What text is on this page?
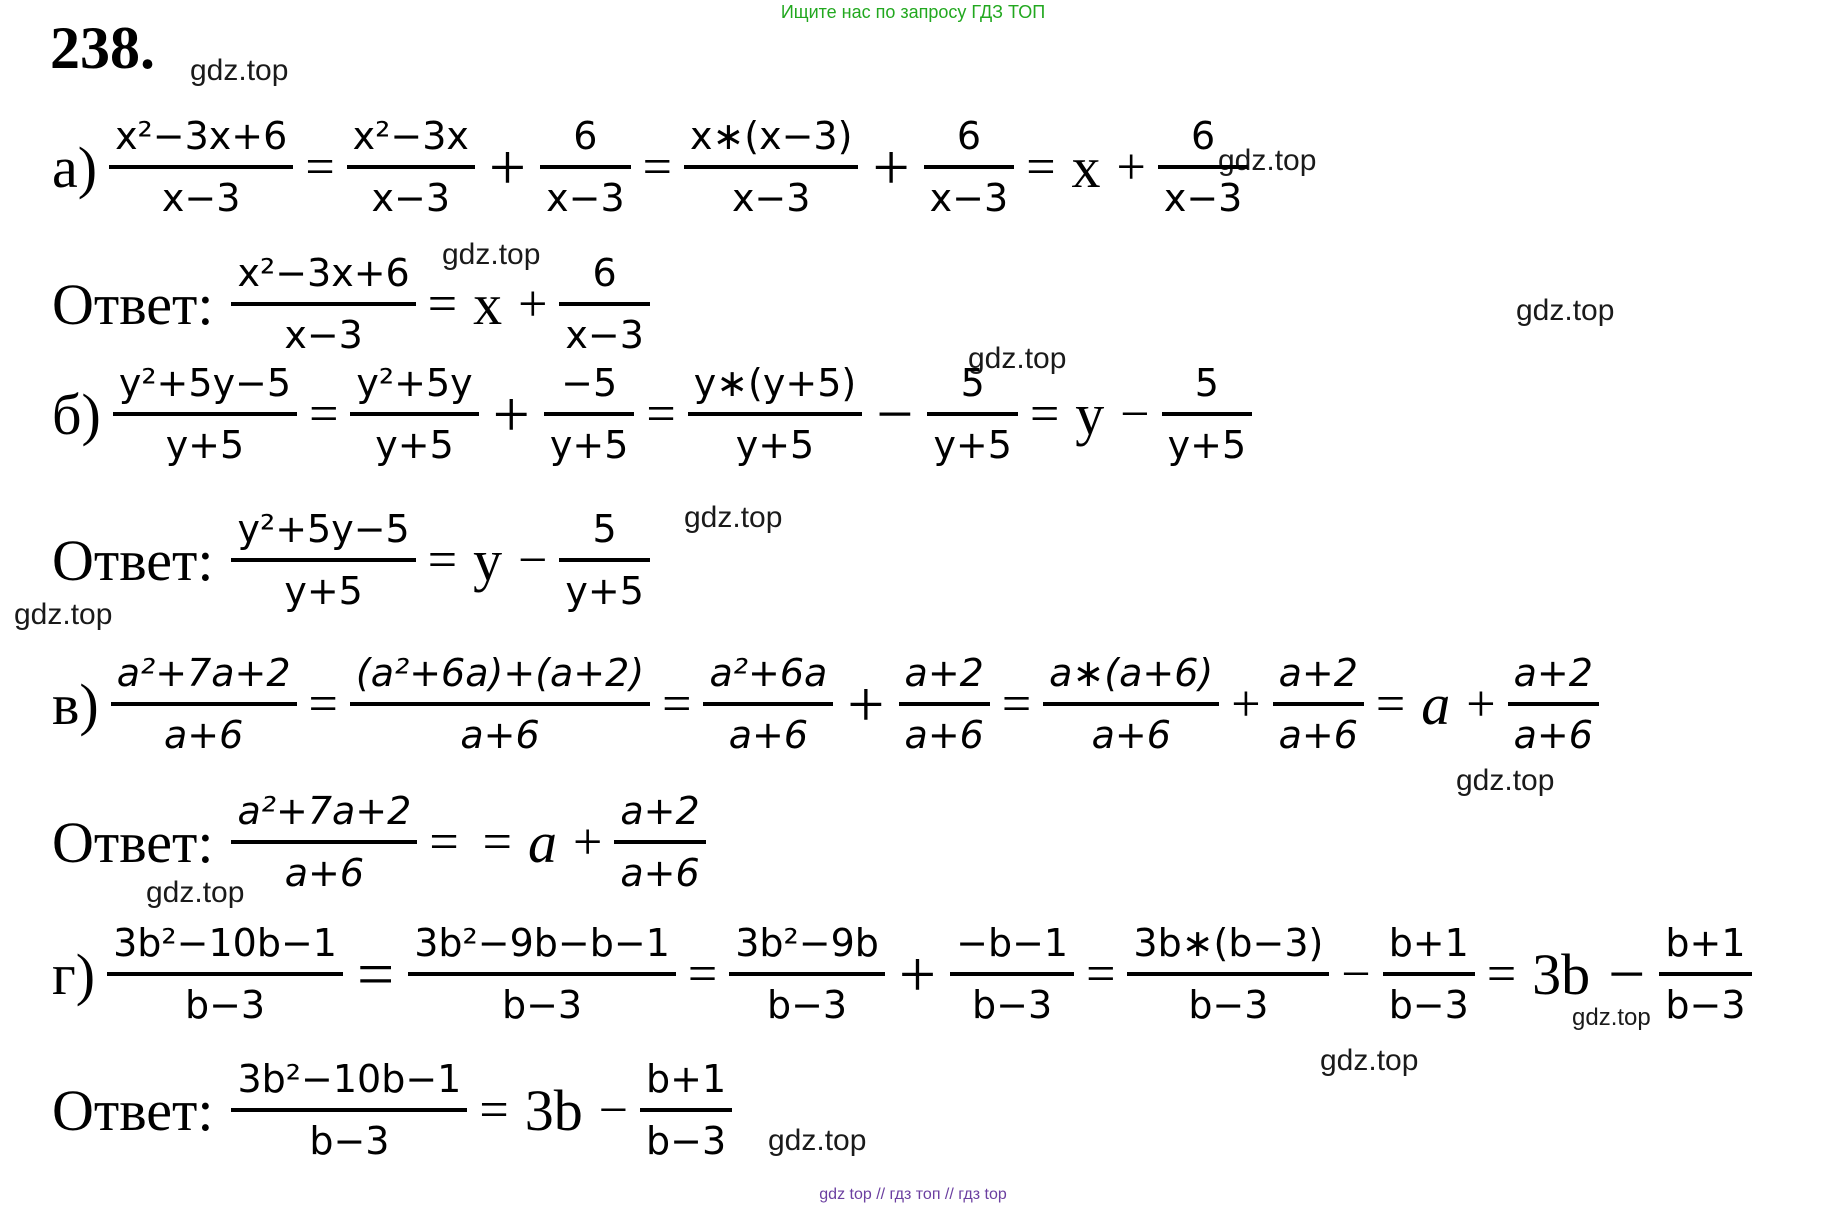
Ищите нас по запросу ГДЗ ТОП
238. gdz.top
gdz.top
gdz.top
gdz.top
gdz.top
gdz.top
gdz.top
gdz.top
gdz.top
gdz.top
gdz.top
gdz.top
$а) \frac{\text{x²−3x+6}}{x-3} = \frac{\text{x²−3x}}{x-3} + \frac{6}{x-3} = \frac{x∗(x-3)}{x-3} + \frac{6}{x-3} = x + \frac{6}{x-3}$
Ответ: $\frac{\text{x²−3x+6}}{x-3} = x + \frac{6}{x-3}$
$б) \frac{\text{y²+5y−5}}{y+5} = \frac{\text{y²+5y}}{y+5} + \frac{-5}{y+5} = \frac{y∗(y+5)}{y+5} - \frac{5}{y+5} = y - \frac{5}{y+5}$
Ответ: $\frac{\text{y²+5y−5}}{y+5} = y - \frac{5}{y+5}$
$в) \frac{\text{a²+7a+2}}{a+6} = \frac{\text{(a²+6a)+(a+2)}}{a+6} = \frac{\text{a²+6a}}{a+6} + \frac{a+2}{a+6} = \frac{a∗(a+6)}{a+6} + \frac{a+2}{a+6} = a + \frac{a+2}{a+6}$
Ответ: $\frac{\text{a²+7a+2}}{a+6}$ = = $a + \frac{a+2}{a+6}$
$г) \frac{\text{3b²−10b−1}}{b-3} = \frac{\text{3b²−9b−b−1}}{b-3} = \frac{\text{3b²−9b}}{b-3} + \frac{-b-1}{b-3} = \frac{3b∗(b-3)}{b-3} - \frac{b+1}{b-3} = 3b - \frac{b+1}{b-3}$
Ответ: $\frac{\text{3b²−10b−1}}{b-3} = 3b - \frac{b+1}{b-3}$
gdz top // гдз топ // гдз top
